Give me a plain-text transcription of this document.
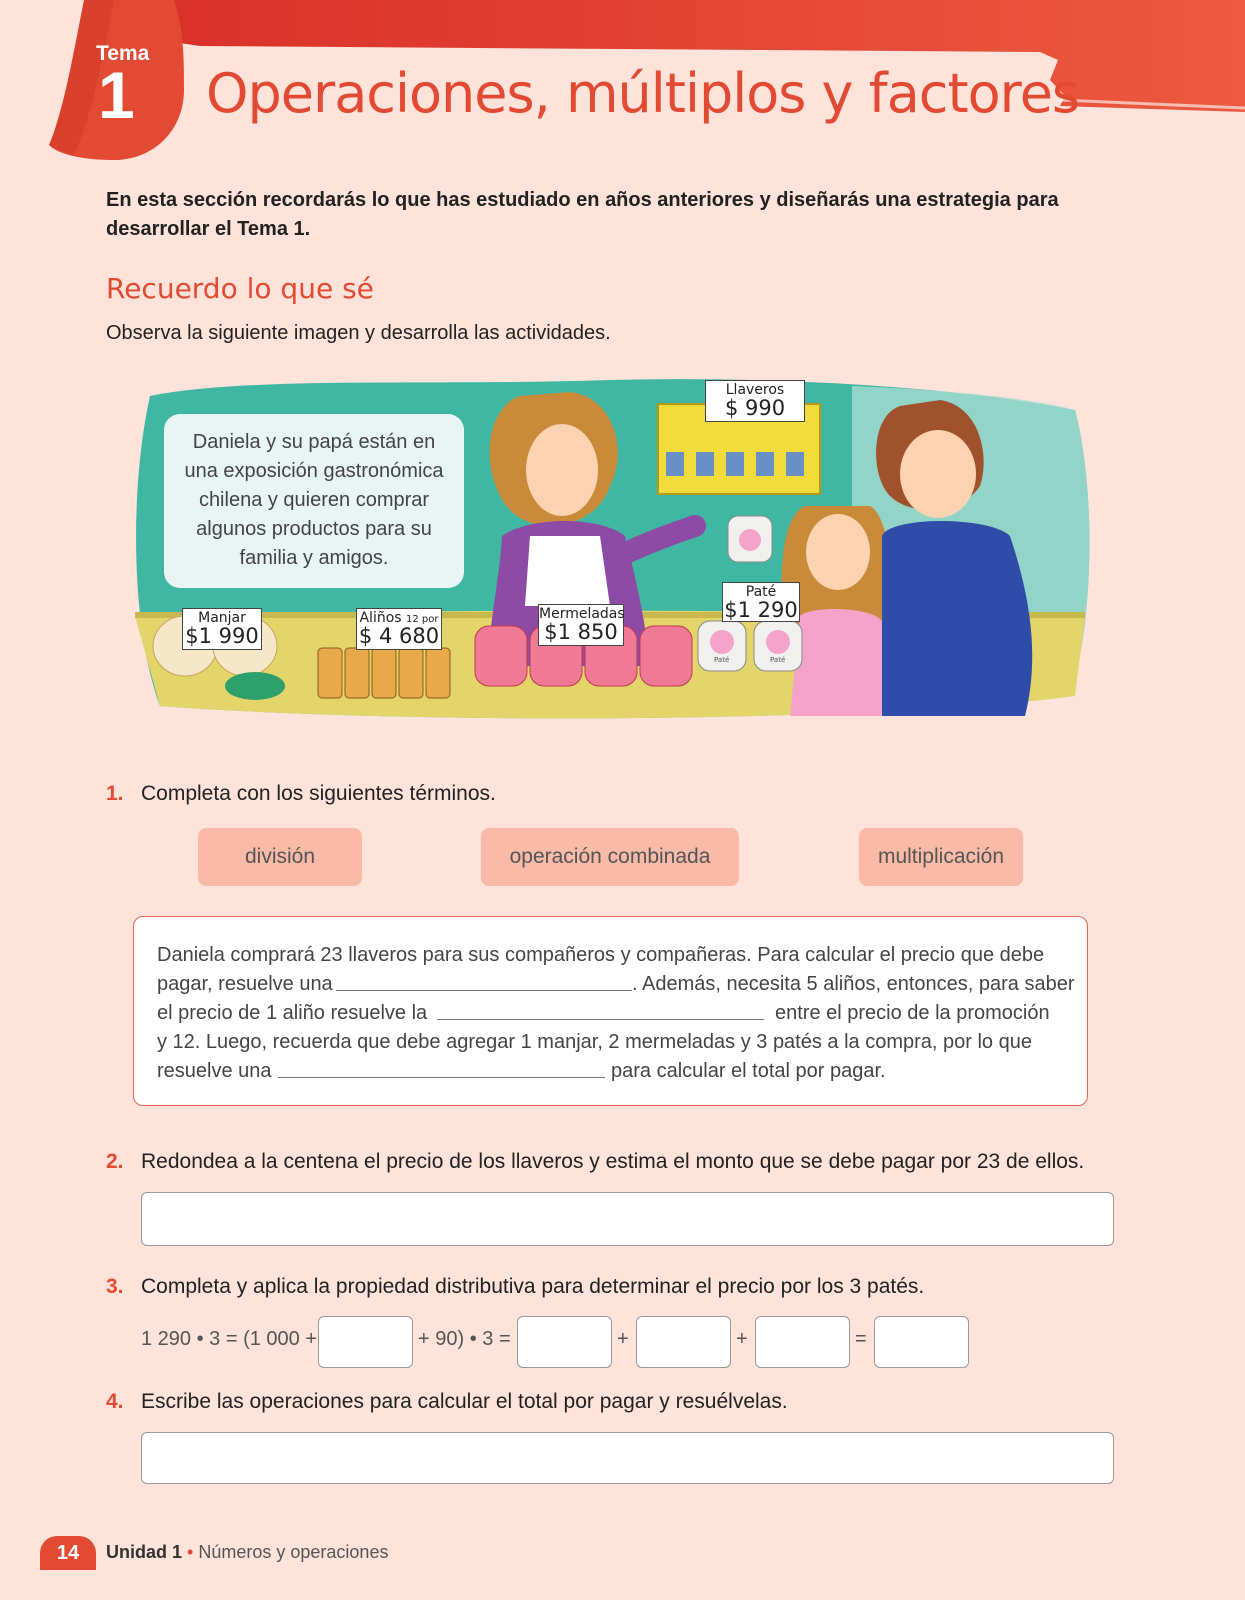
Tema
1	Operaciones, múltiplos y factores
En esta sección recordarás lo que has estudiado en años anteriores y diseñarás una estrategia para desarrollar el Tema 1.
Recuerdo lo que sé
Observa la siguiente imagen y desarrolla las actividades.
Paté	Paté
Daniela y su papá están en una exposición gastronómica chilena y quieren comprar algunos productos para su familia y amigos.
Llaveros
$ 990
Paté
$1 290
Manjar
$1 990
Aliños 12 por
$ 4 680
Mermeladas
$1 850
1. Completa con los siguientes términos.
división	operación combinada	multiplicación
Daniela comprará 23 llaveros para sus compañeros y compañeras. Para calcular el precio que debe
pagar, resuelve una	. Además, necesita 5 aliños, entonces, para saber
el precio de 1 aliño resuelve la	entre el precio de la promoción
y 12. Luego, recuerda que debe agregar 1 manjar, 2 mermeladas y 3 patés a la compra, por lo que
resuelve una	para calcular el total por pagar.
2. Redondea a la centena el precio de los llaveros y estima el monto que se debe pagar por 23 de ellos.
3. Completa y aplica la propiedad distributiva para determinar el precio por los 3 patés.
1 290 • 3 = (1 000 +	+ 90) • 3 =	+	+	=
4. Escribe las operaciones para calcular el total por pagar y resuélvelas.
14	Unidad 1 • Números y operaciones
